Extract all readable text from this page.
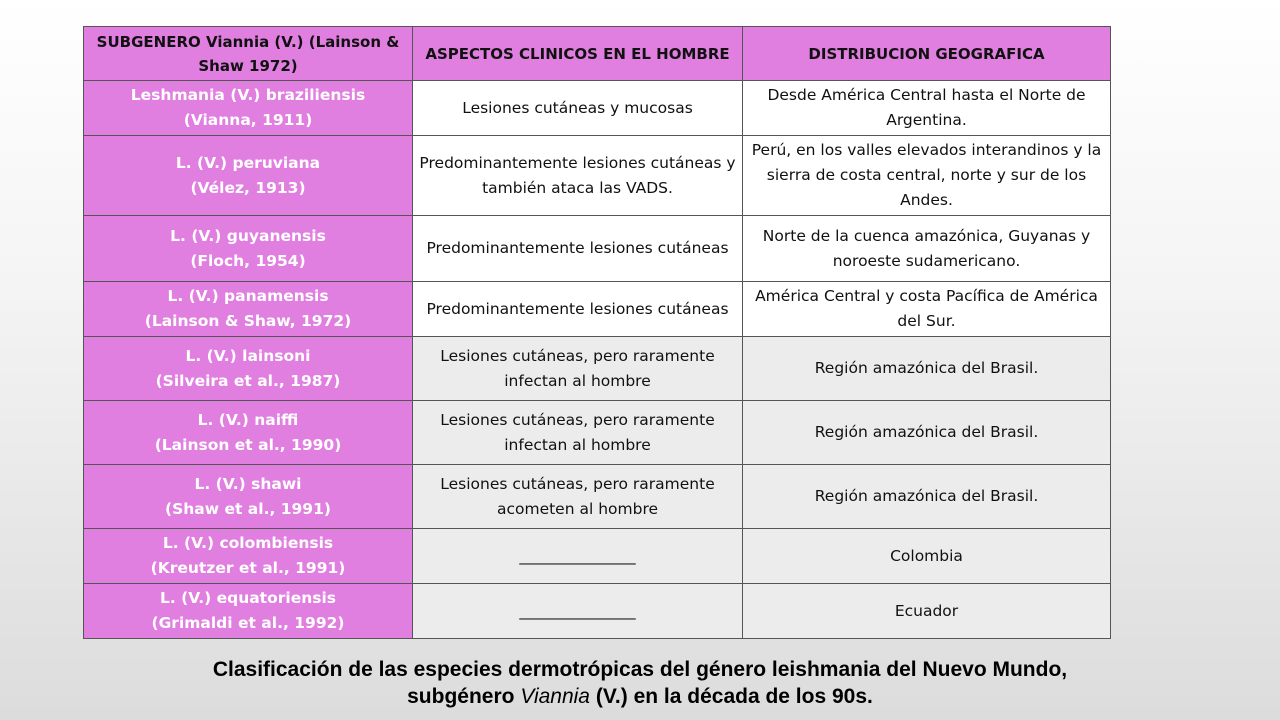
SUBGENERO Viannia (V.) (Lainson & Shaw 1972)	ASPECTOS CLINICOS EN EL HOMBRE	DISTRIBUCION GEOGRAFICA

Leshmania (V.) braziliensis
(Vianna, 1911)	Lesiones cutáneas y mucosas	Desde América Central hasta el Norte de Argentina.

L. (V.) peruviana
(Vélez, 1913)	Predominantemente lesiones cutáneas y también ataca las VADS.	Perú, en los valles elevados interandinos y la sierra de costa central, norte y sur de los Andes.

L. (V.) guyanensis
(Floch, 1954)	Predominantemente lesiones cutáneas	Norte de la cuenca amazónica, Guyanas y noroeste sudamericano.

L. (V.) panamensis
(Lainson & Shaw, 1972)	Predominantemente lesiones cutáneas	América Central y costa Pacífica de América del Sur.

L. (V.) lainsoni
(Silveira et al., 1987)	Lesiones cutáneas, pero raramente infectan al hombre	Región amazónica del Brasil.

L. (V.) naiffi
(Lainson et al., 1990)	Lesiones cutáneas, pero raramente infectan al hombre	Región amazónica del Brasil.

L. (V.) shawi
(Shaw et al., 1991)	Lesiones cutáneas, pero raramente acometen al hombre	Región amazónica del Brasil.

L. (V.) colombiensis
(Kreutzer et al., 1991)	_______________	Colombia

L. (V.) equatoriensis
(Grimaldi et al., 1992)	_______________	Ecuador
Clasificación de las especies dermotrópicas del género leishmania del Nuevo Mundo,
subgénero Viannia (V.) en la década de los 90s.
